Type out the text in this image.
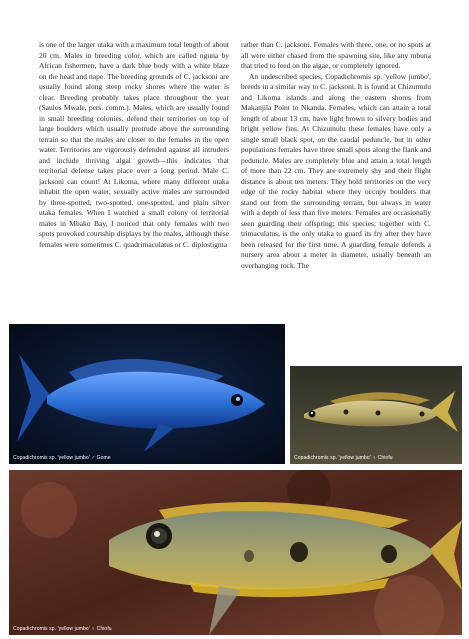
is one of the larger utaka with a maximum total length of about 20 cm. Males in breeding color, which are called nguna by African fishermen, have a dark blue body with a white blaze on the head and nape. The breeding grounds of C. jacksoni are usually found along steep rocky shores where the water is clear. Breeding probably takes place throughout the year (Saulos Mwale, pers. comm.). Males, which are usually found in small breeding colonies, defend their territories on top of large boulders which usually protrude above the surrounding terrain so that the males are closer to the females in the open water. Territories are vigorously defended against all intruders and include thriving algal growth—this indicates that territorial defense takes place over a long period. Male C. jacksoni can count! At Likoma, where many different utaka inhabit the open water, sexually active males are surrounded by three-spotted, two-spotted, one-spotted, and plain silver utaka females. When I watched a small colony of territorial males in Mbako Bay, I noticed that only females with two spots provoked courtship displays by the males, although these females were sometimes C. quadrimaculatus or C. diplostigma

rather than C. jacksoni. Females with three, one, or no spots at all were either chased from the spawning site, like any mbuna that tried to feed on the algae, or completely ignored.

An undescribed species, Copadichromis sp. 'yellow jumbo', breeds in a similar way to C. jacksoni. It is found at Chizumulu and Likoma islands and along the eastern shores from Makanjila Point to Nkanda. Females, which can attain a total length of about 13 cm, have light brown to silvery bodies and bright yellow fins. At Chizumulu these females have only a single small black spot, on the caudal peduncle, but in other populations females have three small spots along the flank and peduncle. Males are completely blue and attain a total length of more than 22 cm. They are extremely shy and their flight distance is about ten meters. They hold territories on the very edge of the rocky habitat where they occupy boulders that stand out from the surrounding terrain, but always in water with a depth of less than five meters. Females are occasionally seen guarding their offspring; this species, together with C. trimaculatus, is the only utaka to guard its fry after they have been released for the first time. A guarding female defends a nursery area about a meter in diameter, usually beneath an overhanging rock. The

Copadichromis sp. 'yellow jumbo' ♂ Gome	Copadichromis sp. 'yellow jumbo' ♀ Chiofu
Copadichromis sp. 'yellow jumbo' ♀ Chiofu
